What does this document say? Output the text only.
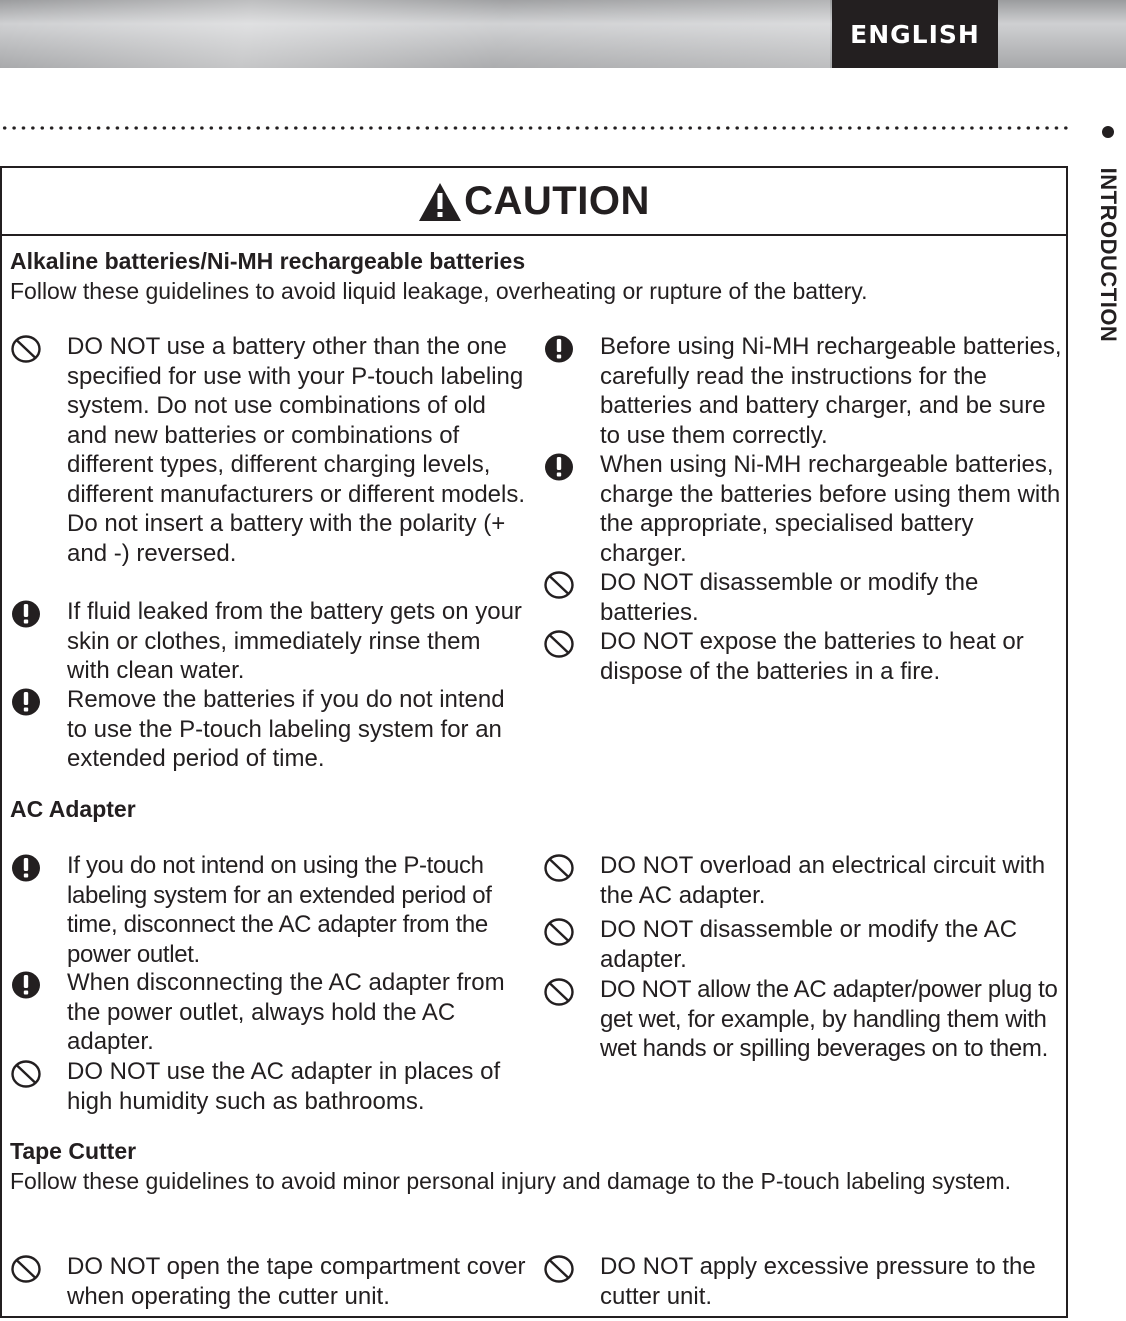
ENGLISH
INTRODUCTION
CAUTION
Alkaline batteries/Ni-MH rechargeable batteries
Follow these guidelines to avoid liquid leakage, overheating or rupture of the battery.
DO NOT use a battery other than the one specified for use with your P-touch labeling system. Do not use combinations of old and new batteries or combinations of different types, different charging levels, different manufacturers or different models. Do not insert a battery with the polarity (+ and -) reversed.
If fluid leaked from the battery gets on your skin or clothes, immediately rinse them with clean water.
Remove the batteries if you do not intend to use the P-touch labeling system for an extended period of time.
Before using Ni-MH rechargeable batteries, carefully read the instructions for the batteries and battery charger, and be sure to use them correctly.
When using Ni-MH rechargeable batteries, charge the batteries before using them with the appropriate, specialised battery charger.
DO NOT disassemble or modify the batteries.
DO NOT expose the batteries to heat or dispose of the batteries in a fire.
AC Adapter
If you do not intend on using the P-touch labeling system for an extended period of time, disconnect the AC adapter from the power outlet.
When disconnecting the AC adapter from the power outlet, always hold the AC adapter.
DO NOT use the AC adapter in places of high humidity such as bathrooms.
DO NOT overload an electrical circuit with the AC adapter.
DO NOT disassemble or modify the AC adapter.
DO NOT allow the AC adapter/power plug to get wet, for example, by handling them with wet hands or spilling beverages on to them.
Tape Cutter
Follow these guidelines to avoid minor personal injury and damage to the P-touch labeling system.
DO NOT open the tape compartment cover when operating the cutter unit.
DO NOT apply excessive pressure to the cutter unit.
